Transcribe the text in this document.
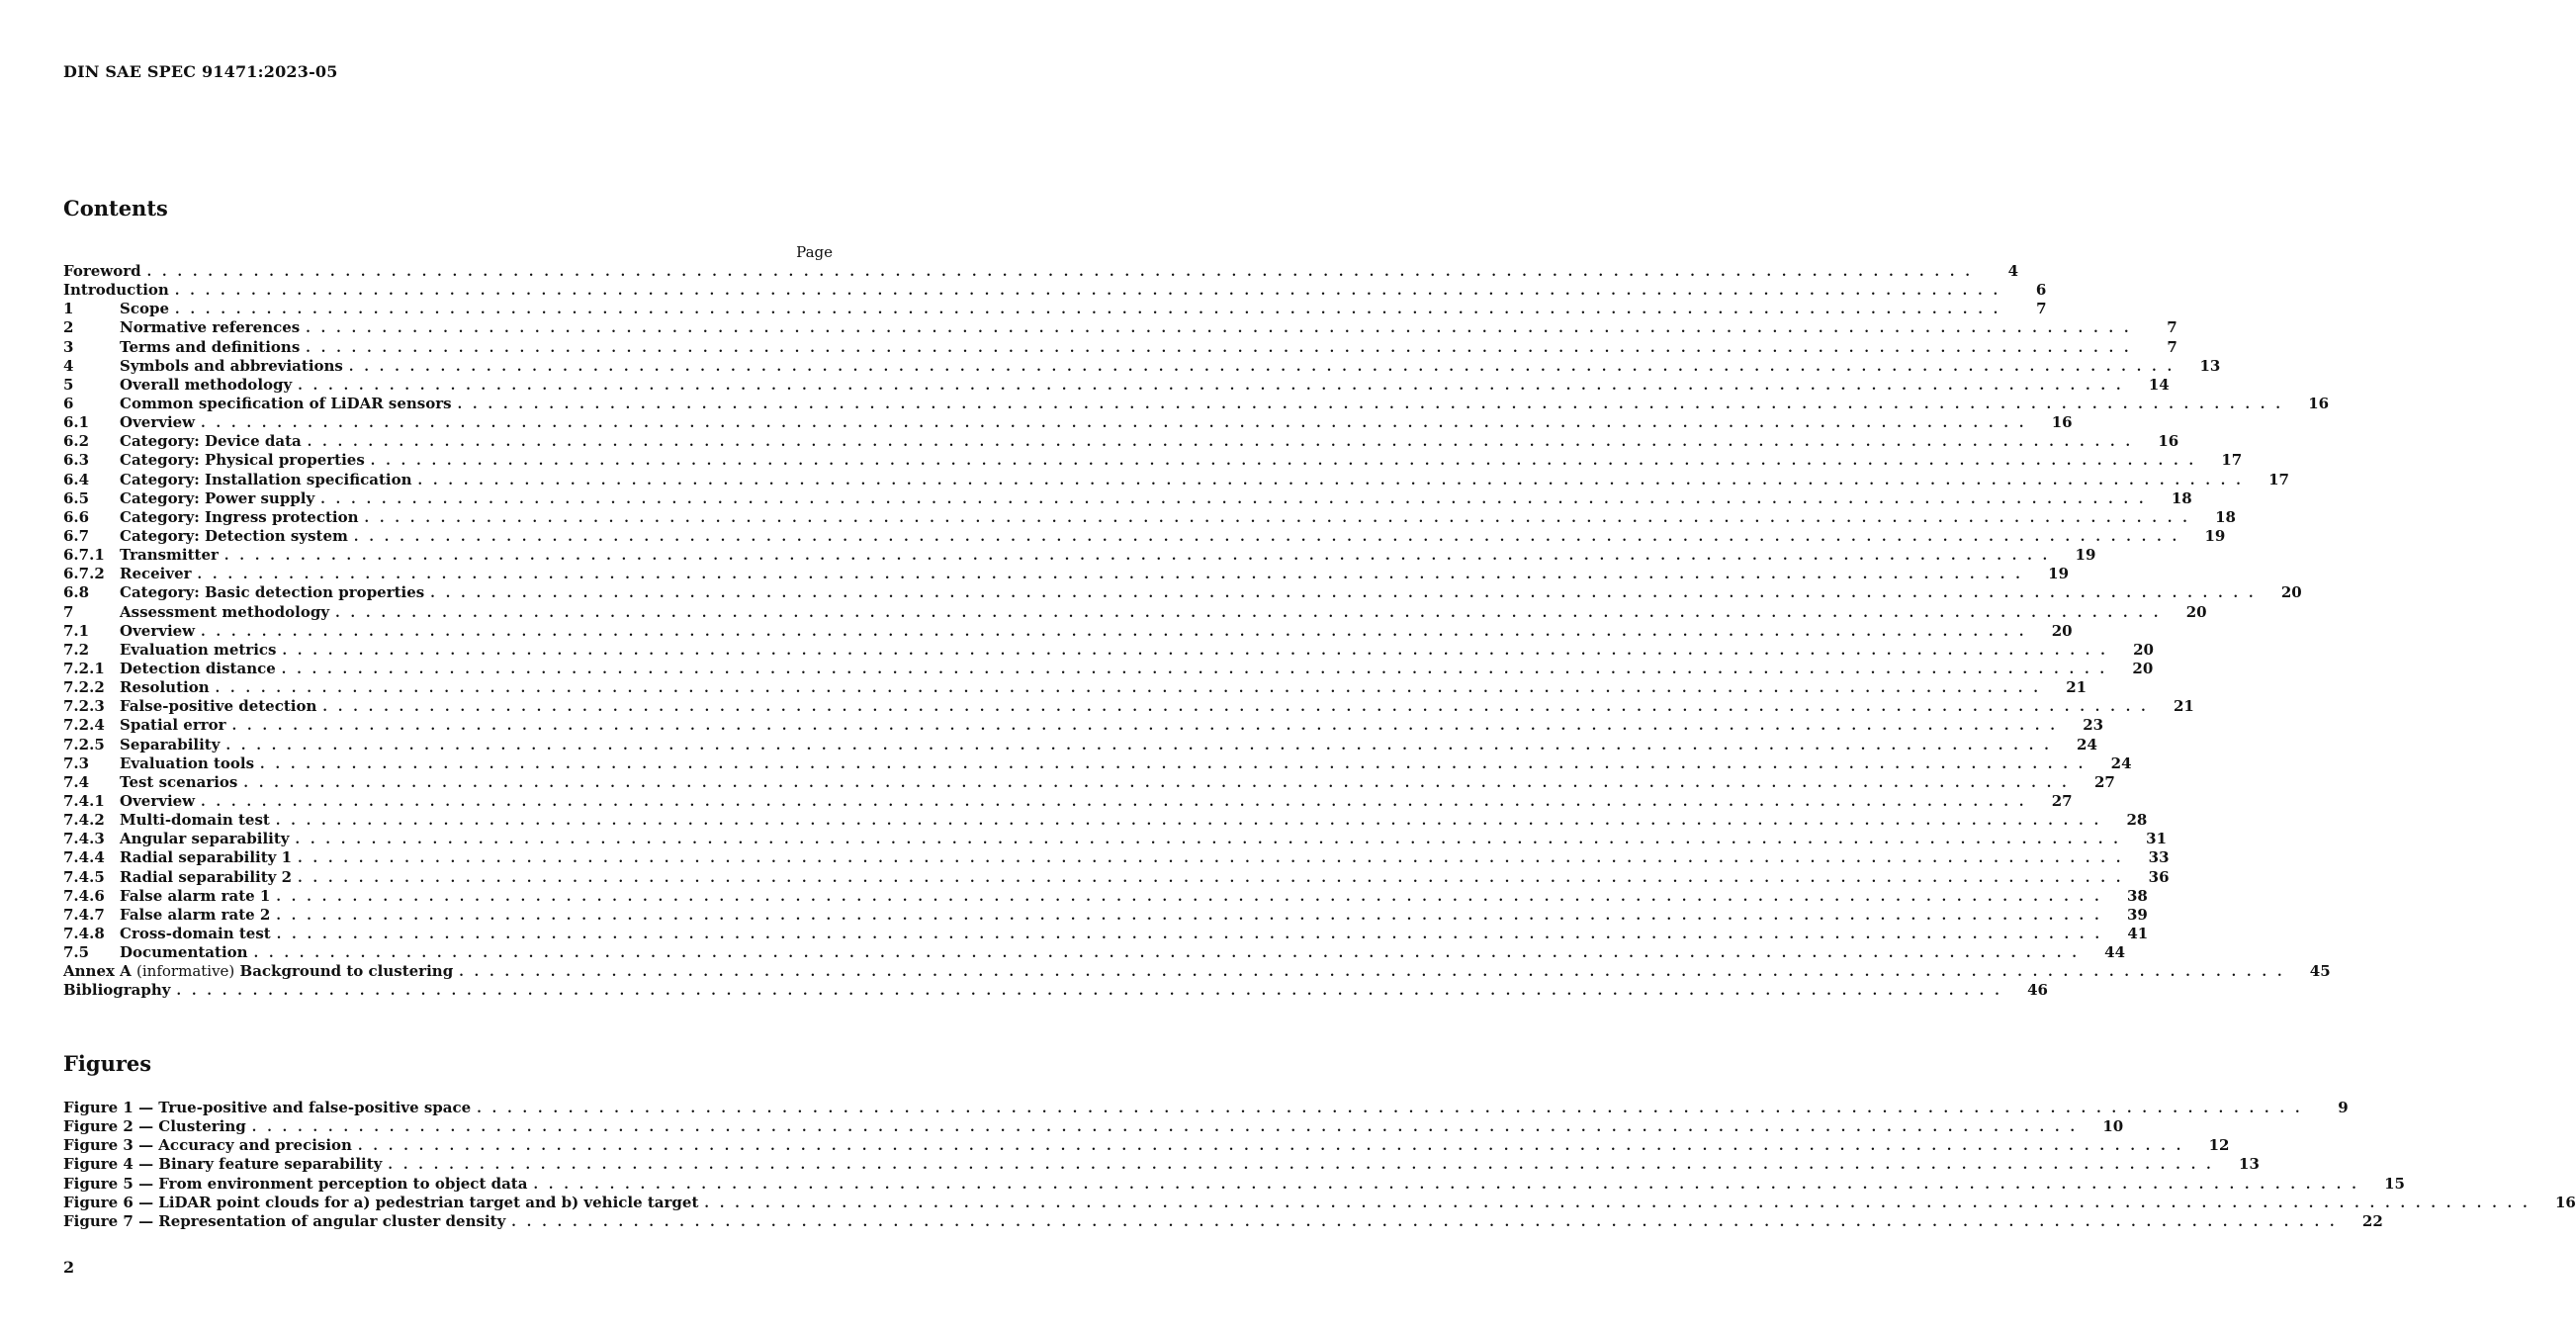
DIN SAE SPEC 91471:2023-05
Contents
Page
Foreword . . . . . . . . . . . . . . . . . . . . . . . . . . . . . . . . . . . . . . . . . . . . . . . . . . . . . . . . . . . . . . . . . . . . . . . . . . . . . . . . . . . . . . . . . . . . . . . . . . . . . . . . . . . . . . . . . . . . . . . .	4
Introduction . . . . . . . . . . . . . . . . . . . . . . . . . . . . . . . . . . . . . . . . . . . . . . . . . . . . . . . . . . . . . . . . . . . . . . . . . . . . . . . . . . . . . . . . . . . . . . . . . . . . . . . . . . . . . . . . . . . . . . . .	6
1	Scope . . . . . . . . . . . . . . . . . . . . . . . . . . . . . . . . . . . . . . . . . . . . . . . . . . . . . . . . . . . . . . . . . . . . . . . . . . . . . . . . . . . . . . . . . . . . . . . . . . . . . . . . . . . . . . . . . . . . . . . .	7
2	Normative references . . . . . . . . . . . . . . . . . . . . . . . . . . . . . . . . . . . . . . . . . . . . . . . . . . . . . . . . . . . . . . . . . . . . . . . . . . . . . . . . . . . . . . . . . . . . . . . . . . . . . . . . . . . . . . . . . . . . . . . .	7
3	Terms and definitions . . . . . . . . . . . . . . . . . . . . . . . . . . . . . . . . . . . . . . . . . . . . . . . . . . . . . . . . . . . . . . . . . . . . . . . . . . . . . . . . . . . . . . . . . . . . . . . . . . . . . . . . . . . . . . . . . . . . . . . .	7
4	Symbols and abbreviations . . . . . . . . . . . . . . . . . . . . . . . . . . . . . . . . . . . . . . . . . . . . . . . . . . . . . . . . . . . . . . . . . . . . . . . . . . . . . . . . . . . . . . . . . . . . . . . . . . . . . . . . . . . . . . . . . . . . . . . .	13
5	Overall methodology . . . . . . . . . . . . . . . . . . . . . . . . . . . . . . . . . . . . . . . . . . . . . . . . . . . . . . . . . . . . . . . . . . . . . . . . . . . . . . . . . . . . . . . . . . . . . . . . . . . . . . . . . . . . . . . . . . . . . . . .	14
6	Common specification of LiDAR sensors . . . . . . . . . . . . . . . . . . . . . . . . . . . . . . . . . . . . . . . . . . . . . . . . . . . . . . . . . . . . . . . . . . . . . . . . . . . . . . . . . . . . . . . . . . . . . . . . . . . . . . . . . . . . . . . . . . . . . . . .	16
6.1	Overview . . . . . . . . . . . . . . . . . . . . . . . . . . . . . . . . . . . . . . . . . . . . . . . . . . . . . . . . . . . . . . . . . . . . . . . . . . . . . . . . . . . . . . . . . . . . . . . . . . . . . . . . . . . . . . . . . . . . . . . .	16
6.2	Category: Device data . . . . . . . . . . . . . . . . . . . . . . . . . . . . . . . . . . . . . . . . . . . . . . . . . . . . . . . . . . . . . . . . . . . . . . . . . . . . . . . . . . . . . . . . . . . . . . . . . . . . . . . . . . . . . . . . . . . . . . . .	16
6.3	Category: Physical properties . . . . . . . . . . . . . . . . . . . . . . . . . . . . . . . . . . . . . . . . . . . . . . . . . . . . . . . . . . . . . . . . . . . . . . . . . . . . . . . . . . . . . . . . . . . . . . . . . . . . . . . . . . . . . . . . . . . . . . . .	17
6.4	Category: Installation specification . . . . . . . . . . . . . . . . . . . . . . . . . . . . . . . . . . . . . . . . . . . . . . . . . . . . . . . . . . . . . . . . . . . . . . . . . . . . . . . . . . . . . . . . . . . . . . . . . . . . . . . . . . . . . . . . . . . . . . . .	17
6.5	Category: Power supply . . . . . . . . . . . . . . . . . . . . . . . . . . . . . . . . . . . . . . . . . . . . . . . . . . . . . . . . . . . . . . . . . . . . . . . . . . . . . . . . . . . . . . . . . . . . . . . . . . . . . . . . . . . . . . . . . . . . . . . .	18
6.6	Category: Ingress protection . . . . . . . . . . . . . . . . . . . . . . . . . . . . . . . . . . . . . . . . . . . . . . . . . . . . . . . . . . . . . . . . . . . . . . . . . . . . . . . . . . . . . . . . . . . . . . . . . . . . . . . . . . . . . . . . . . . . . . . .	18
6.7	Category: Detection system . . . . . . . . . . . . . . . . . . . . . . . . . . . . . . . . . . . . . . . . . . . . . . . . . . . . . . . . . . . . . . . . . . . . . . . . . . . . . . . . . . . . . . . . . . . . . . . . . . . . . . . . . . . . . . . . . . . . . . . .	19
6.7.1	Transmitter . . . . . . . . . . . . . . . . . . . . . . . . . . . . . . . . . . . . . . . . . . . . . . . . . . . . . . . . . . . . . . . . . . . . . . . . . . . . . . . . . . . . . . . . . . . . . . . . . . . . . . . . . . . . . . . . . . . . . . . .	19
6.7.2	Receiver . . . . . . . . . . . . . . . . . . . . . . . . . . . . . . . . . . . . . . . . . . . . . . . . . . . . . . . . . . . . . . . . . . . . . . . . . . . . . . . . . . . . . . . . . . . . . . . . . . . . . . . . . . . . . . . . . . . . . . . .	19
6.8	Category: Basic detection properties . . . . . . . . . . . . . . . . . . . . . . . . . . . . . . . . . . . . . . . . . . . . . . . . . . . . . . . . . . . . . . . . . . . . . . . . . . . . . . . . . . . . . . . . . . . . . . . . . . . . . . . . . . . . . . . . . . . . . . . .	20
7	Assessment methodology . . . . . . . . . . . . . . . . . . . . . . . . . . . . . . . . . . . . . . . . . . . . . . . . . . . . . . . . . . . . . . . . . . . . . . . . . . . . . . . . . . . . . . . . . . . . . . . . . . . . . . . . . . . . . . . . . . . . . . . .	20
7.1	Overview . . . . . . . . . . . . . . . . . . . . . . . . . . . . . . . . . . . . . . . . . . . . . . . . . . . . . . . . . . . . . . . . . . . . . . . . . . . . . . . . . . . . . . . . . . . . . . . . . . . . . . . . . . . . . . . . . . . . . . . .	20
7.2	Evaluation metrics . . . . . . . . . . . . . . . . . . . . . . . . . . . . . . . . . . . . . . . . . . . . . . . . . . . . . . . . . . . . . . . . . . . . . . . . . . . . . . . . . . . . . . . . . . . . . . . . . . . . . . . . . . . . . . . . . . . . . . . .	20
7.2.1	Detection distance . . . . . . . . . . . . . . . . . . . . . . . . . . . . . . . . . . . . . . . . . . . . . . . . . . . . . . . . . . . . . . . . . . . . . . . . . . . . . . . . . . . . . . . . . . . . . . . . . . . . . . . . . . . . . . . . . . . . . . . .	20
7.2.2	Resolution . . . . . . . . . . . . . . . . . . . . . . . . . . . . . . . . . . . . . . . . . . . . . . . . . . . . . . . . . . . . . . . . . . . . . . . . . . . . . . . . . . . . . . . . . . . . . . . . . . . . . . . . . . . . . . . . . . . . . . . .	21
7.2.3	False-positive detection . . . . . . . . . . . . . . . . . . . . . . . . . . . . . . . . . . . . . . . . . . . . . . . . . . . . . . . . . . . . . . . . . . . . . . . . . . . . . . . . . . . . . . . . . . . . . . . . . . . . . . . . . . . . . . . . . . . . . . . .	21
7.2.4	Spatial error . . . . . . . . . . . . . . . . . . . . . . . . . . . . . . . . . . . . . . . . . . . . . . . . . . . . . . . . . . . . . . . . . . . . . . . . . . . . . . . . . . . . . . . . . . . . . . . . . . . . . . . . . . . . . . . . . . . . . . . .	23
7.2.5	Separability . . . . . . . . . . . . . . . . . . . . . . . . . . . . . . . . . . . . . . . . . . . . . . . . . . . . . . . . . . . . . . . . . . . . . . . . . . . . . . . . . . . . . . . . . . . . . . . . . . . . . . . . . . . . . . . . . . . . . . . .	24
7.3	Evaluation tools . . . . . . . . . . . . . . . . . . . . . . . . . . . . . . . . . . . . . . . . . . . . . . . . . . . . . . . . . . . . . . . . . . . . . . . . . . . . . . . . . . . . . . . . . . . . . . . . . . . . . . . . . . . . . . . . . . . . . . . .	24
7.4	Test scenarios . . . . . . . . . . . . . . . . . . . . . . . . . . . . . . . . . . . . . . . . . . . . . . . . . . . . . . . . . . . . . . . . . . . . . . . . . . . . . . . . . . . . . . . . . . . . . . . . . . . . . . . . . . . . . . . . . . . . . . . .	27
7.4.1	Overview . . . . . . . . . . . . . . . . . . . . . . . . . . . . . . . . . . . . . . . . . . . . . . . . . . . . . . . . . . . . . . . . . . . . . . . . . . . . . . . . . . . . . . . . . . . . . . . . . . . . . . . . . . . . . . . . . . . . . . . .	27
7.4.2	Multi-domain test . . . . . . . . . . . . . . . . . . . . . . . . . . . . . . . . . . . . . . . . . . . . . . . . . . . . . . . . . . . . . . . . . . . . . . . . . . . . . . . . . . . . . . . . . . . . . . . . . . . . . . . . . . . . . . . . . . . . . . . .	28
7.4.3	Angular separability . . . . . . . . . . . . . . . . . . . . . . . . . . . . . . . . . . . . . . . . . . . . . . . . . . . . . . . . . . . . . . . . . . . . . . . . . . . . . . . . . . . . . . . . . . . . . . . . . . . . . . . . . . . . . . . . . . . . . . . .	31
7.4.4	Radial separability 1 . . . . . . . . . . . . . . . . . . . . . . . . . . . . . . . . . . . . . . . . . . . . . . . . . . . . . . . . . . . . . . . . . . . . . . . . . . . . . . . . . . . . . . . . . . . . . . . . . . . . . . . . . . . . . . . . . . . . . . . .	33
7.4.5	Radial separability 2 . . . . . . . . . . . . . . . . . . . . . . . . . . . . . . . . . . . . . . . . . . . . . . . . . . . . . . . . . . . . . . . . . . . . . . . . . . . . . . . . . . . . . . . . . . . . . . . . . . . . . . . . . . . . . . . . . . . . . . . .	36
7.4.6	False alarm rate 1 . . . . . . . . . . . . . . . . . . . . . . . . . . . . . . . . . . . . . . . . . . . . . . . . . . . . . . . . . . . . . . . . . . . . . . . . . . . . . . . . . . . . . . . . . . . . . . . . . . . . . . . . . . . . . . . . . . . . . . . .	38
7.4.7	False alarm rate 2 . . . . . . . . . . . . . . . . . . . . . . . . . . . . . . . . . . . . . . . . . . . . . . . . . . . . . . . . . . . . . . . . . . . . . . . . . . . . . . . . . . . . . . . . . . . . . . . . . . . . . . . . . . . . . . . . . . . . . . . .	39
7.4.8	Cross-domain test . . . . . . . . . . . . . . . . . . . . . . . . . . . . . . . . . . . . . . . . . . . . . . . . . . . . . . . . . . . . . . . . . . . . . . . . . . . . . . . . . . . . . . . . . . . . . . . . . . . . . . . . . . . . . . . . . . . . . . . .	41
7.5	Documentation . . . . . . . . . . . . . . . . . . . . . . . . . . . . . . . . . . . . . . . . . . . . . . . . . . . . . . . . . . . . . . . . . . . . . . . . . . . . . . . . . . . . . . . . . . . . . . . . . . . . . . . . . . . . . . . . . . . . . . . .	44
Annex A (informative) Background to clustering . . . . . . . . . . . . . . . . . . . . . . . . . . . . . . . . . . . . . . . . . . . . . . . . . . . . . . . . . . . . . . . . . . . . . . . . . . . . . . . . . . . . . . . . . . . . . . . . . . . . . . . . . . . . . . . . . . . . . . . .	45
Bibliography . . . . . . . . . . . . . . . . . . . . . . . . . . . . . . . . . . . . . . . . . . . . . . . . . . . . . . . . . . . . . . . . . . . . . . . . . . . . . . . . . . . . . . . . . . . . . . . . . . . . . . . . . . . . . . . . . . . . . . . .	46
Figures
Figure 1 — True-positive and false-positive space . . . . . . . . . . . . . . . . . . . . . . . . . . . . . . . . . . . . . . . . . . . . . . . . . . . . . . . . . . . . . . . . . . . . . . . . . . . . . . . . . . . . . . . . . . . . . . . . . . . . . . . . . . . . . . . . . . . . . . . .	9
Figure 2 — Clustering . . . . . . . . . . . . . . . . . . . . . . . . . . . . . . . . . . . . . . . . . . . . . . . . . . . . . . . . . . . . . . . . . . . . . . . . . . . . . . . . . . . . . . . . . . . . . . . . . . . . . . . . . . . . . . . . . . . . . . . .	10
Figure 3 — Accuracy and precision . . . . . . . . . . . . . . . . . . . . . . . . . . . . . . . . . . . . . . . . . . . . . . . . . . . . . . . . . . . . . . . . . . . . . . . . . . . . . . . . . . . . . . . . . . . . . . . . . . . . . . . . . . . . . . . . . . . . . . . .	12
Figure 4 — Binary feature separability . . . . . . . . . . . . . . . . . . . . . . . . . . . . . . . . . . . . . . . . . . . . . . . . . . . . . . . . . . . . . . . . . . . . . . . . . . . . . . . . . . . . . . . . . . . . . . . . . . . . . . . . . . . . . . . . . . . . . . . .	13
Figure 5 — From environment perception to object data . . . . . . . . . . . . . . . . . . . . . . . . . . . . . . . . . . . . . . . . . . . . . . . . . . . . . . . . . . . . . . . . . . . . . . . . . . . . . . . . . . . . . . . . . . . . . . . . . . . . . . . . . . . . . . . . . . . . . . . .	15
Figure 6 — LiDAR point clouds for a) pedestrian target and b) vehicle target . . . . . . . . . . . . . . . . . . . . . . . . . . . . . . . . . . . . . . . . . . . . . . . . . . . . . . . . . . . . . . . . . . . . . . . . . . . . . . . . . . . . . . . . . . . . . . . . . . . . . . . . . . . . . . . . . . . . . . . .	16
Figure 7 — Representation of angular cluster density . . . . . . . . . . . . . . . . . . . . . . . . . . . . . . . . . . . . . . . . . . . . . . . . . . . . . . . . . . . . . . . . . . . . . . . . . . . . . . . . . . . . . . . . . . . . . . . . . . . . . . . . . . . . . . . . . . . . . . . .	22
2
